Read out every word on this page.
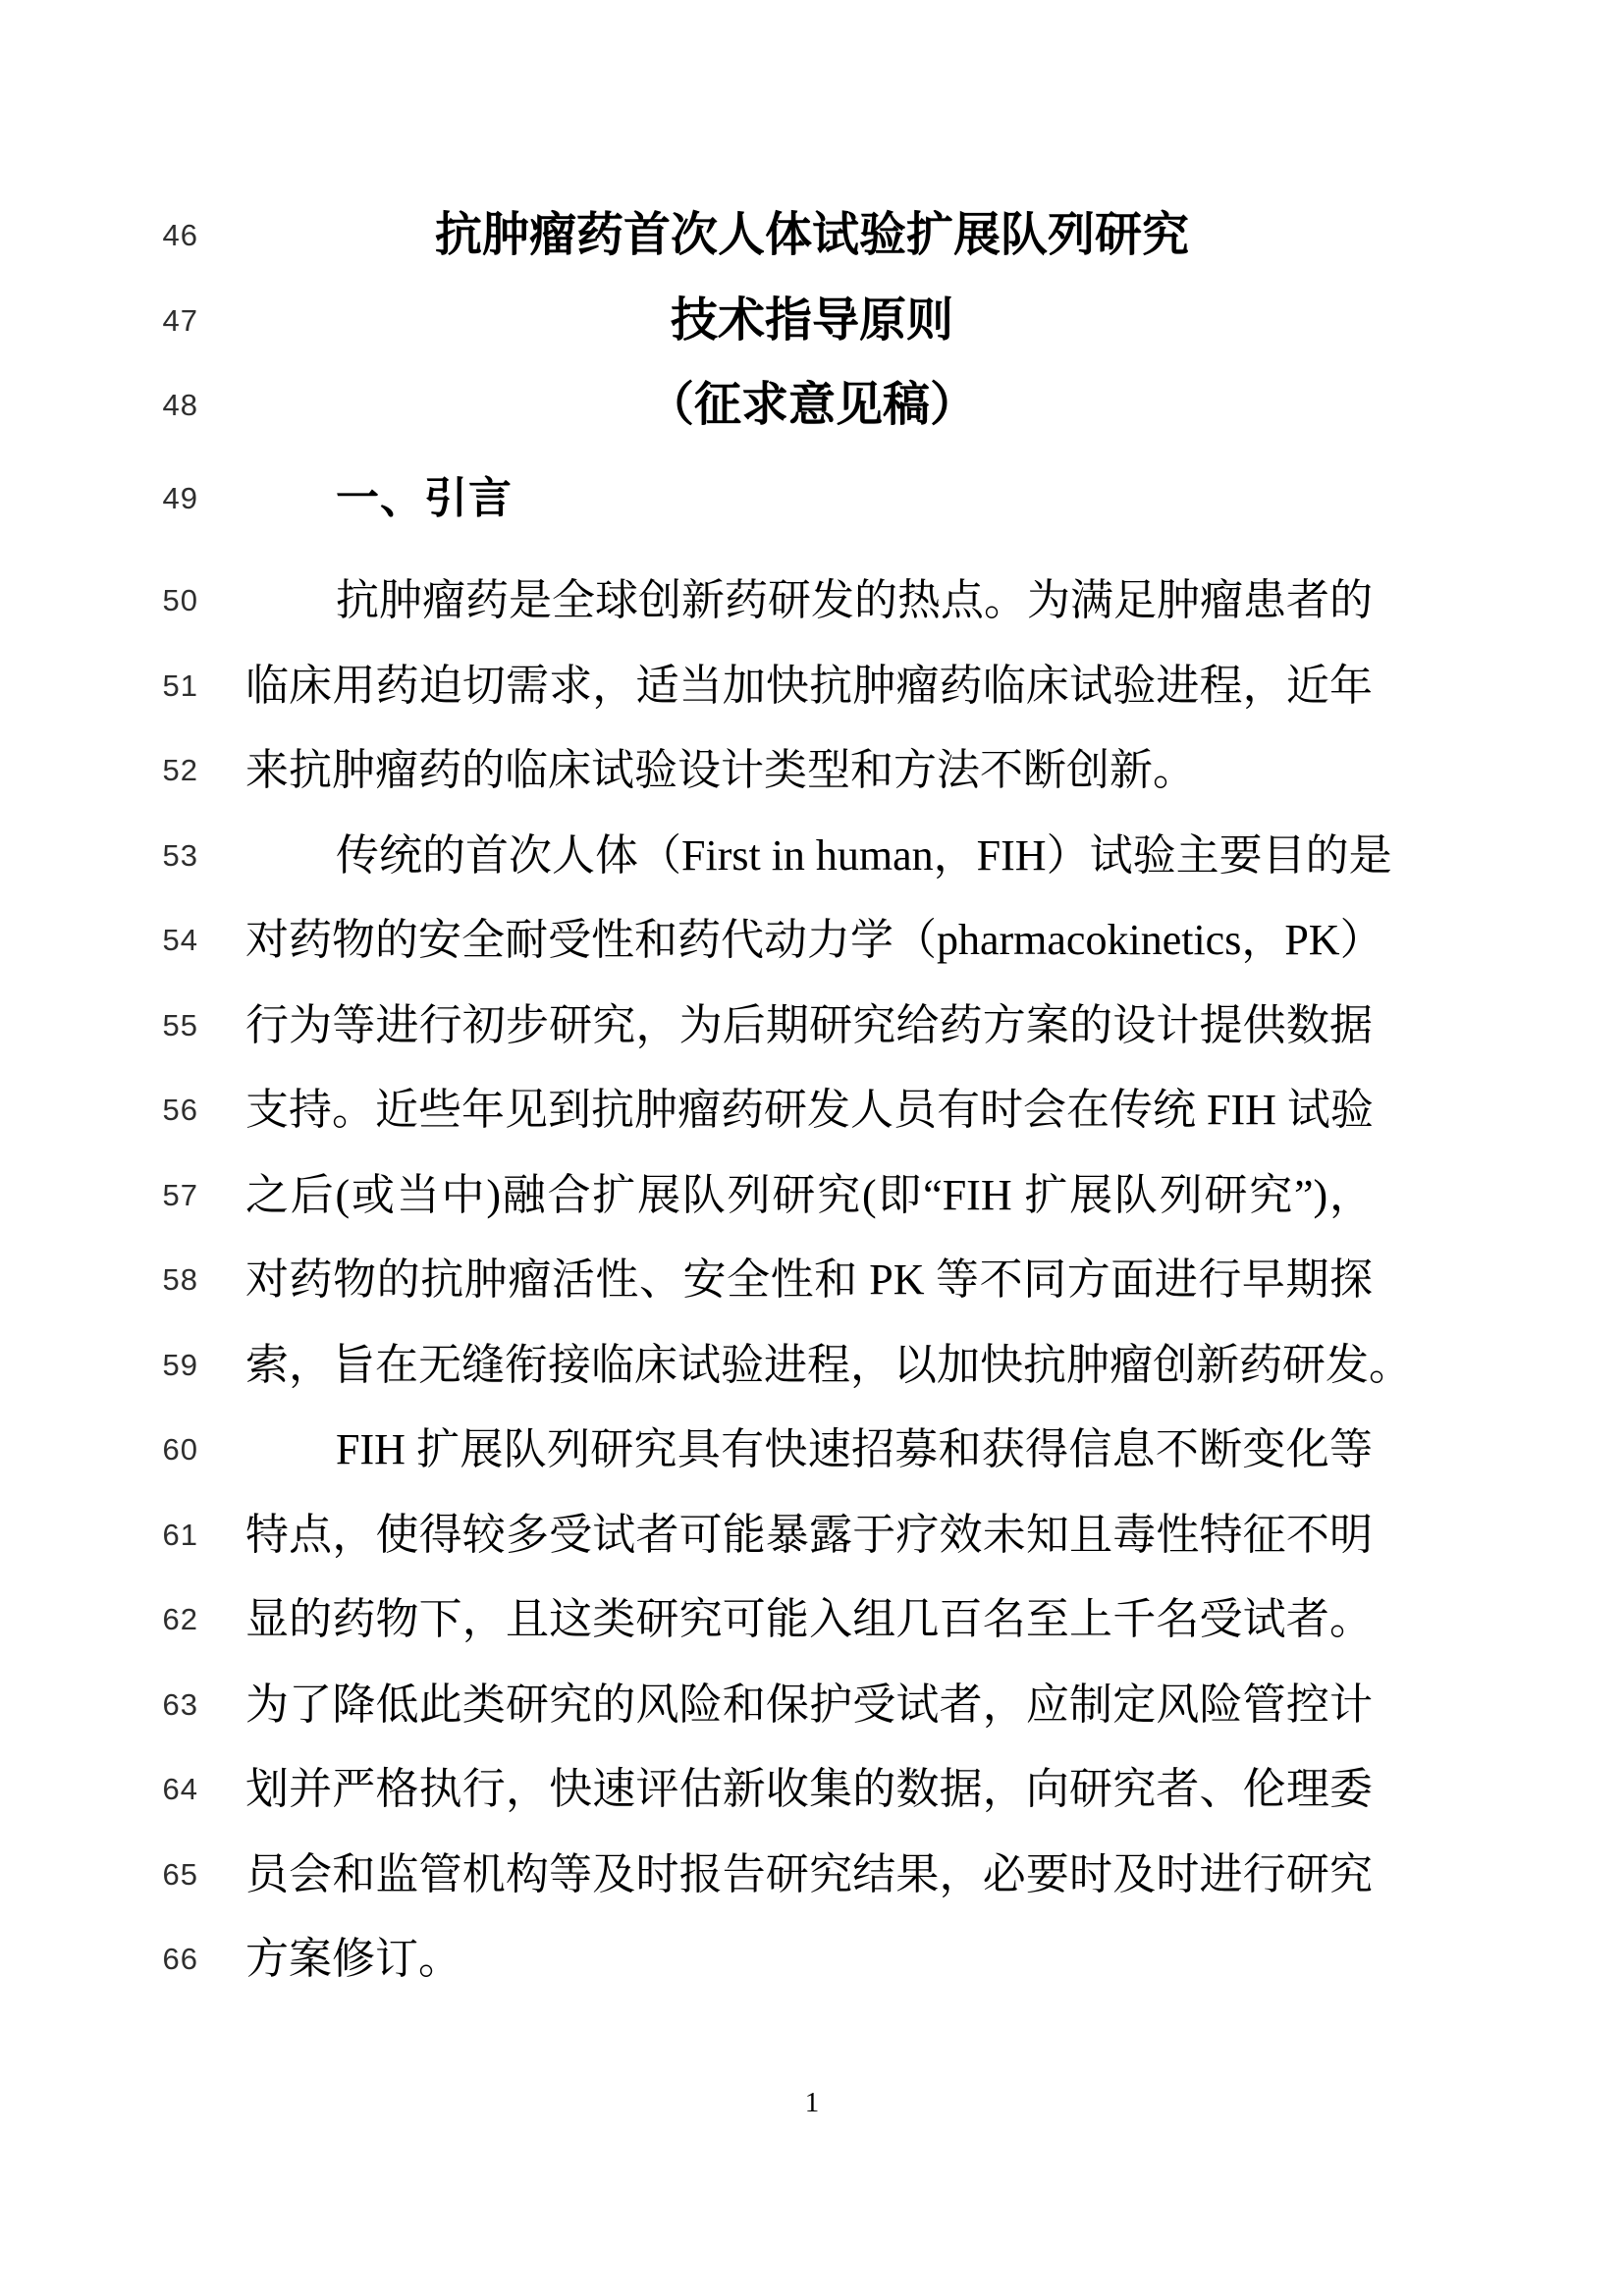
46	抗肿瘤药首次人体试验扩展队列研究
47	技术指导原则
48	（征求意见稿）
49	一、引言
50	抗肿瘤药是全球创新药研发的热点。为满足肿瘤患者的
51 临床用药迫切需求，适当加快抗肿瘤药临床试验进程，近年
52 来抗肿瘤药的临床试验设计类型和方法不断创新。
53	传统的首次人体（First in human，FIH）试验主要目的是
54 对药物的安全耐受性和药代动力学（pharmacokinetics，PK）
55 行为等进行初步研究，为后期研究给药方案的设计提供数据
56 支持。近些年见到抗肿瘤药研发人员有时会在传统 FIH 试验
57 之后(或当中)融合扩展队列研究(即“FIH 扩展队列研究”)，
58 对药物的抗肿瘤活性、安全性和 PK 等不同方面进行早期探
59 索，旨在无缝衔接临床试验进程，以加快抗肿瘤创新药研发。
60	FIH 扩展队列研究具有快速招募和获得信息不断变化等
61 特点，使得较多受试者可能暴露于疗效未知且毒性特征不明
62 显的药物下，且这类研究可能入组几百名至上千名受试者。
63 为了降低此类研究的风险和保护受试者，应制定风险管控计
64 划并严格执行，快速评估新收集的数据，向研究者、伦理委
65 员会和监管机构等及时报告研究结果，必要时及时进行研究
66 方案修订。
1
